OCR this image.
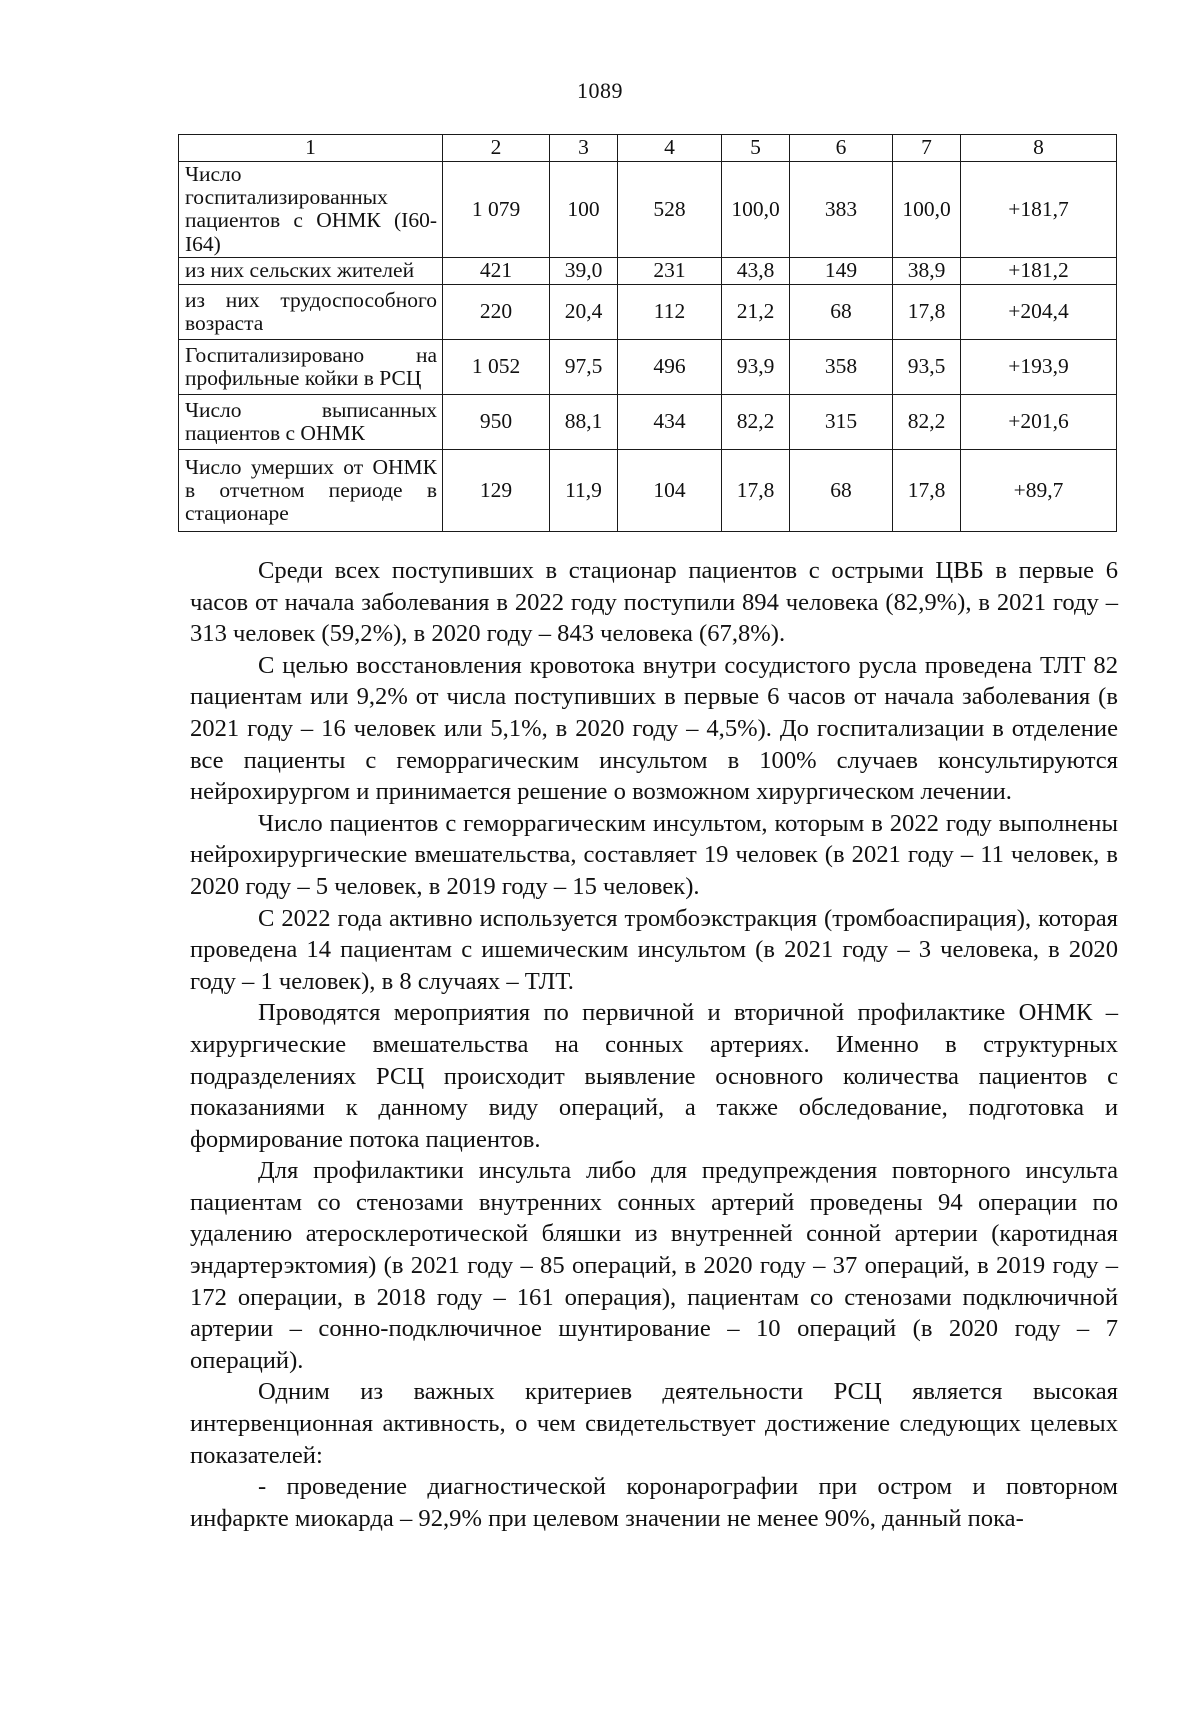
1089
1	2	3	4	5	6	7	8
Число госпитализированных пациентов с ОНМК (I60-I64)	1 079	100	528	100,0	383	100,0	+181,7
из них сельских жителей	421	39,0	231	43,8	149	38,9	+181,2
из них трудоспособного возраста	220	20,4	112	21,2	68	17,8	+204,4
Госпитализировано на профильные койки в РСЦ	1 052	97,5	496	93,9	358	93,5	+193,9
Число выписанных пациентов с ОНМК	950	88,1	434	82,2	315	82,2	+201,6
Число умерших от ОНМК в отчетном периоде в стационаре	129	11,9	104	17,8	68	17,8	+89,7

Среди всех поступивших в стационар пациентов с острыми ЦВБ в первые 6 часов от начала заболевания в 2022 году поступили 894 человека (82,9%), в 2021 году – 313 человек (59,2%), в 2020 году – 843 человека (67,8%).

С целью восстановления кровотока внутри сосудистого русла проведена ТЛТ 82 пациентам или 9,2% от числа поступивших в первые 6 часов от начала заболевания (в 2021 году – 16 человек или 5,1%, в 2020 году – 4,5%). До госпитализации в отделение все пациенты с геморрагическим инсультом в 100% случаев консультируются нейрохирургом и принимается решение о возможном хирургическом лечении.

Число пациентов с геморрагическим инсультом, которым в 2022 году выполнены нейрохирургические вмешательства, составляет 19 человек (в 2021 году – 11 человек, в 2020 году – 5 человек, в 2019 году – 15 человек).

С 2022 года активно используется тромбоэкстракция (тромбоаспирация), которая проведена 14 пациентам с ишемическим инсультом (в 2021 году – 3 человека, в 2020 году – 1 человек), в 8 случаях – ТЛТ.

Проводятся мероприятия по первичной и вторичной профилактике ОНМК – хирургические вмешательства на сонных артериях. Именно в структурных подразделениях РСЦ происходит выявление основного количества пациентов с показаниями к данному виду операций, а также обследование, подготовка и формирование потока пациентов.

Для профилактики инсульта либо для предупреждения повторного инсульта пациентам со стенозами внутренних сонных артерий проведены 94 операции по удалению атеросклеротической бляшки из внутренней сонной артерии (каротидная эндартерэктомия) (в 2021 году – 85 операций, в 2020 году – 37 операций, в 2019 году – 172 операции, в 2018 году – 161 операция), пациентам со стенозами подключичной артерии – сонно-подключичное шунтирование – 10 операций (в 2020 году – 7 операций).

Одним из важных критериев деятельности РСЦ является высокая интервенционная активность, о чем свидетельствует достижение следующих целевых показателей:

- проведение диагностической коронарографии при остром и повторном инфаркте миокарда – 92,9% при целевом значении не менее 90%, данный пока-
